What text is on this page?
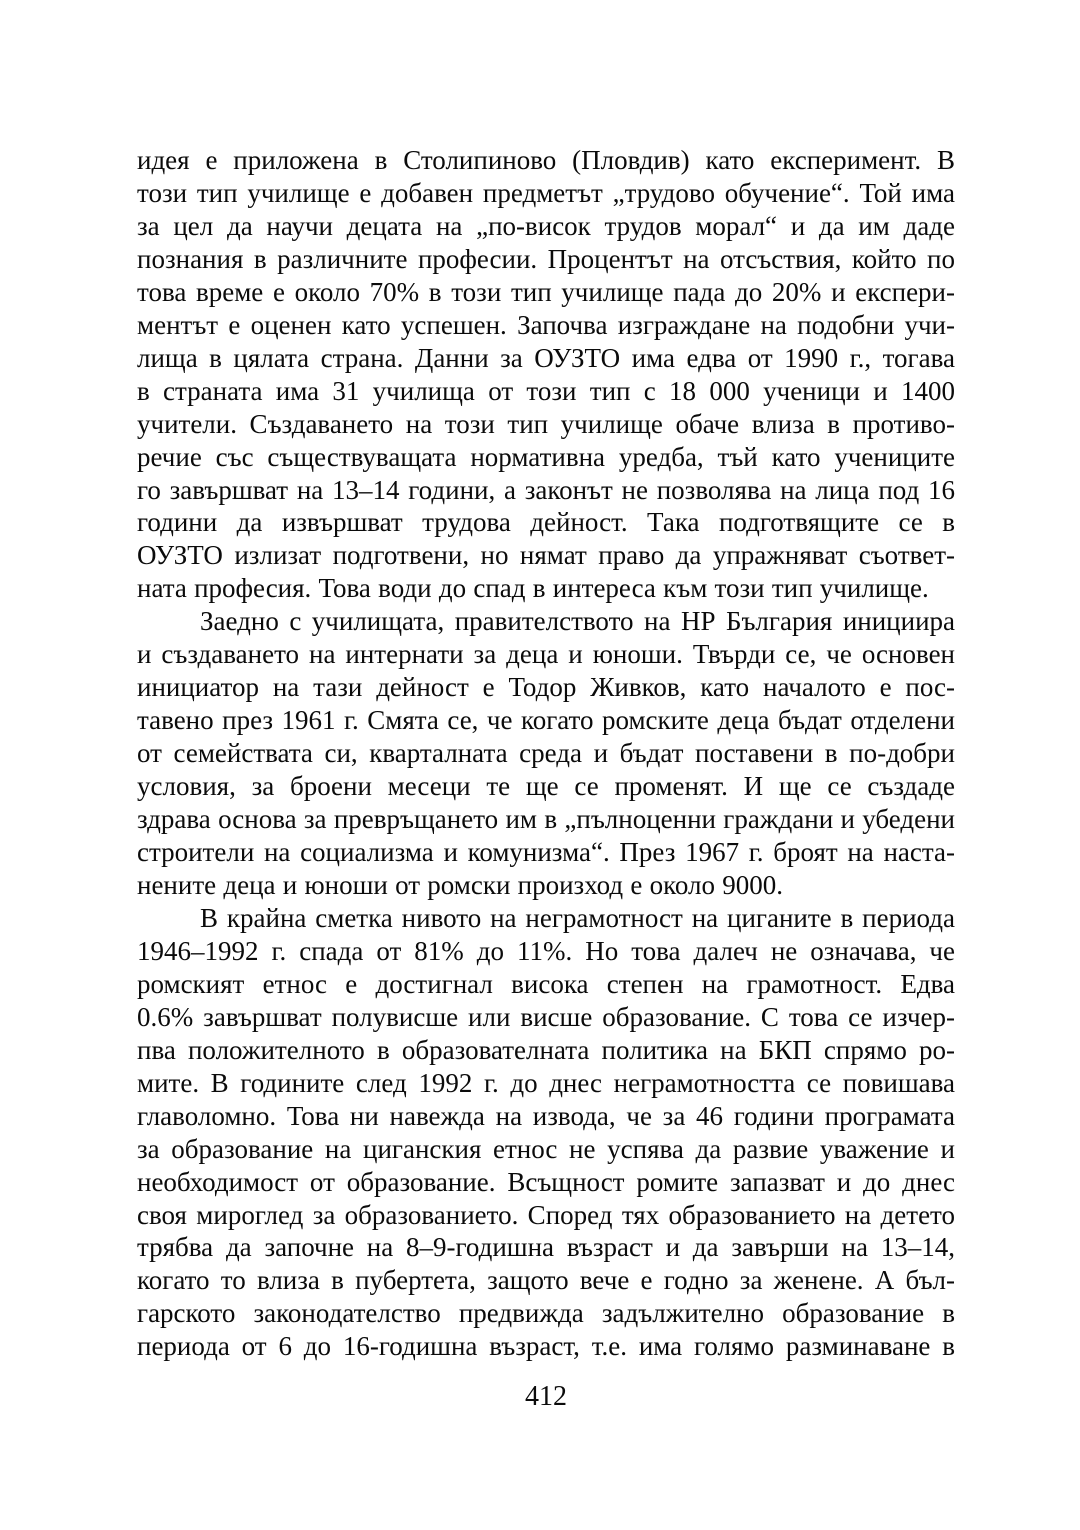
идея е приложена в Столипиново (Пловдив) като експеримент. В
този тип училище е добавен предметът „трудово обучение“. Той има
за цел да научи децата на „по-висок трудов морал“ и да им даде
познания в различните професии. Процентът на отсъствия, който по
това време е около 70% в този тип училище пада до 20% и експери-
ментът е оценен като успешен. Започва изграждане на подобни учи-
лища в цялата страна. Данни за ОУЗТО има едва от 1990 г., тогава
в страната има 31 училища от този тип с 18 000 ученици и 1400
учители. Създаването на този тип училище обаче влиза в противо-
речие със съществуващата нормативна уредба, тъй като учениците
го завършват на 13–14 години, а законът не позволява на лица под 16
години да извършват трудова дейност. Така подготвящите се в
ОУЗТО излизат подготвени, но нямат право да упражняват съответ-
ната професия. Това води до спад в интереса към този тип училище.
Заедно с училищата, правителството на НР България инициира
и създаването на интернати за деца и юноши. Твърди се, че основен
инициатор на тази дейност е Тодор Живков, като началото е пос-
тавено през 1961 г. Смята се, че когато ромските деца бъдат отделени
от семействата си, кварталната среда и бъдат поставени в по-добри
условия, за броени месеци те ще се променят. И ще се създаде
здрава основа за превръщането им в „пълноценни граждани и убедени
строители на социализма и комунизма“. През 1967 г. броят на наста-
нените деца и юноши от ромски произход е около 9000.
В крайна сметка нивото на неграмотност на циганите в периода
1946–1992 г. спада от 81% до 11%. Но това далеч не означава, че
ромският етнос е достигнал висока степен на грамотност. Едва
0.6% завършват полувисше или висше образование. С това се изчер-
пва положителното в образователната политика на БКП спрямо ро-
мите. В годините след 1992 г. до днес неграмотността се повишава
главоломно. Това ни навежда на извода, че за 46 години програмата
за образование на циганския етнос не успява да развие уважение и
необходимост от образование. Всъщност ромите запазват и до днес
своя мироглед за образованието. Според тях образованието на детето
трябва да започне на 8–9-годишна възраст и да завърши на 13–14,
когато то влиза в пубертета, защото вече е годно за женене. А бъл-
гарското законодателство предвижда задължително образование в
периода от 6 до 16-годишна възраст, т.е. има голямо разминаване в
412
